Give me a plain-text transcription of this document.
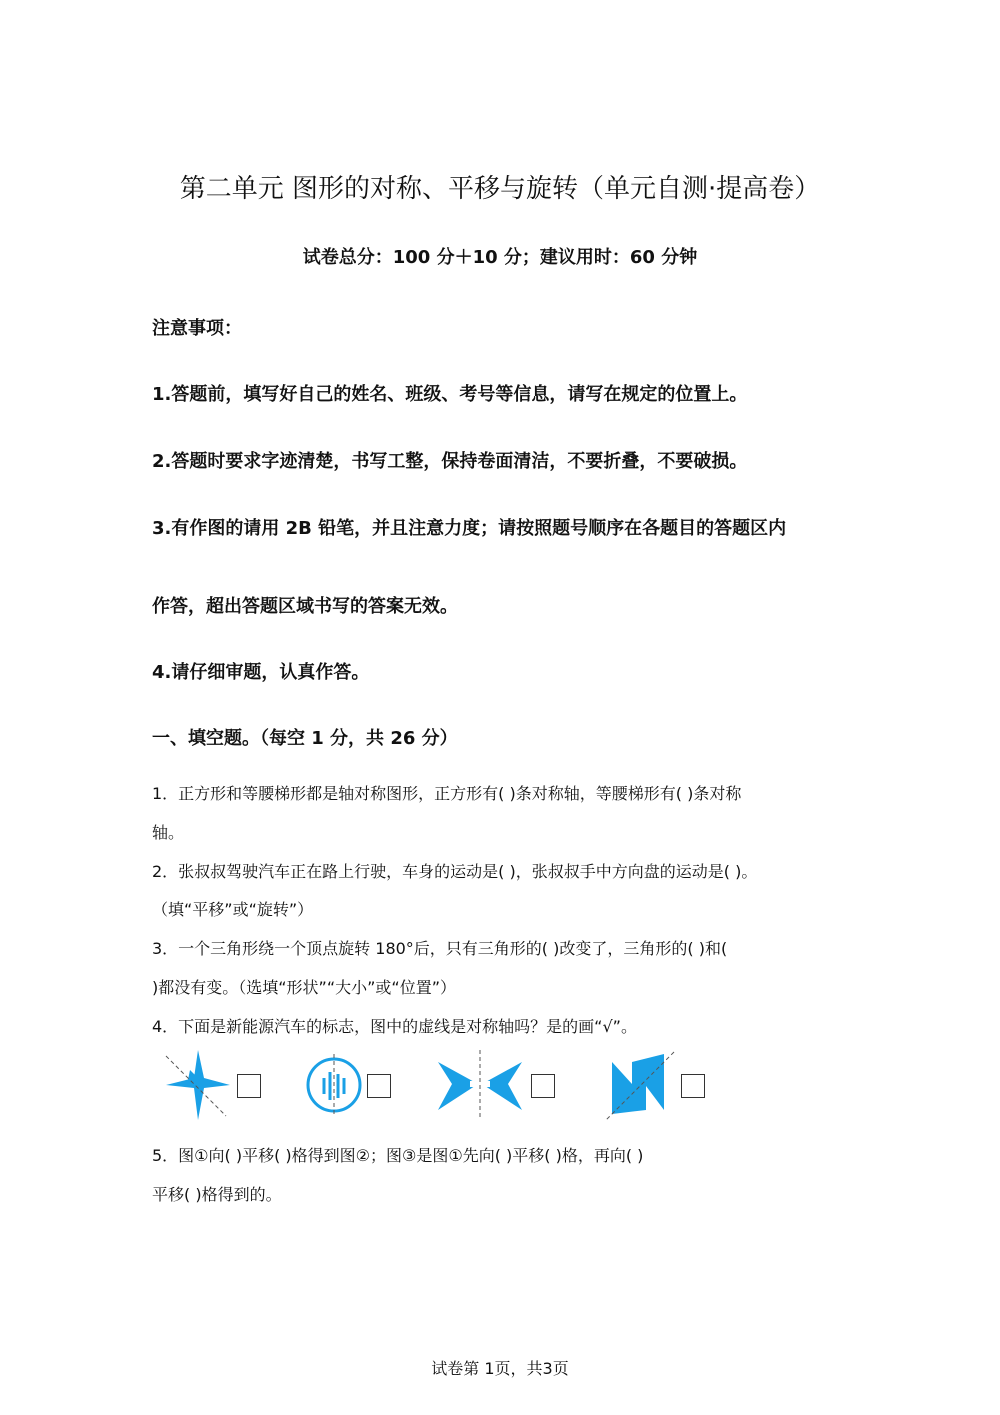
第二单元 图形的对称、平移与旋转（单元自测·提高卷）
试卷总分：100 分＋10 分；建议用时：60 分钟
注意事项：
1.答题前，填写好自己的姓名、班级、考号等信息，请写在规定的位置上。
2.答题时要求字迹清楚，书写工整，保持卷面清洁，不要折叠，不要破损。
3.有作图的请用 2B 铅笔，并且注意力度；请按照题号顺序在各题目的答题区内
作答，超出答题区域书写的答案无效。
4.请仔细审题，认真作答。
一、填空题。（每空 1 分，共 26 分）
1．正方形和等腰梯形都是轴对称图形，正方形有( )条对称轴，等腰梯形有( )条对称
轴。
2．张叔叔驾驶汽车正在路上行驶，车身的运动是( )，张叔叔手中方向盘的运动是( )。
（填“平移”或“旋转”）
3．一个三角形绕一个顶点旋转 180°后，只有三角形的( )改变了，三角形的( )和(
)都没有变。（选填“形状”“大小”或“位置”）
4．下面是新能源汽车的标志，图中的虚线是对称轴吗？是的画“√”。
5．图①向( )平移( )格得到图②；图③是图①先向( )平移( )格，再向( )
平移( )格得到的。
试卷第 1页，共3页
